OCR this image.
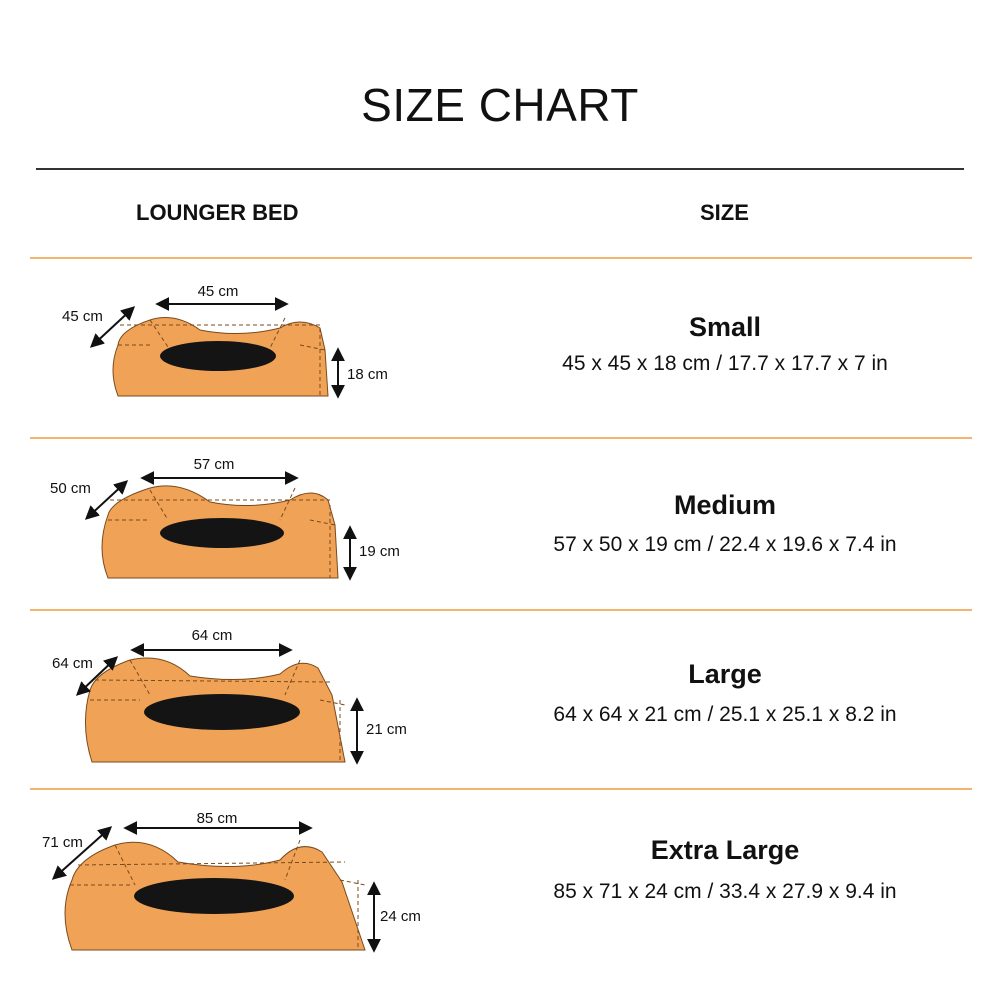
SIZE CHART
LOUNGER BED	SIZE
Small
45 x 45 x 18 cm / 17.7 x 17.7 x 7 in
Medium
57 x 50 x 19 cm / 22.4 x 19.6 x 7.4 in
Large
64 x 64 x 21 cm / 25.1 x 25.1 x 8.2 in
Extra Large
85 x 71 x 24 cm / 33.4 x 27.9 x 9.4 in
45 cm
45 cm
18 cm
57 cm
50 cm
19 cm
64 cm
64 cm
21 cm
85 cm
71 cm
24 cm
